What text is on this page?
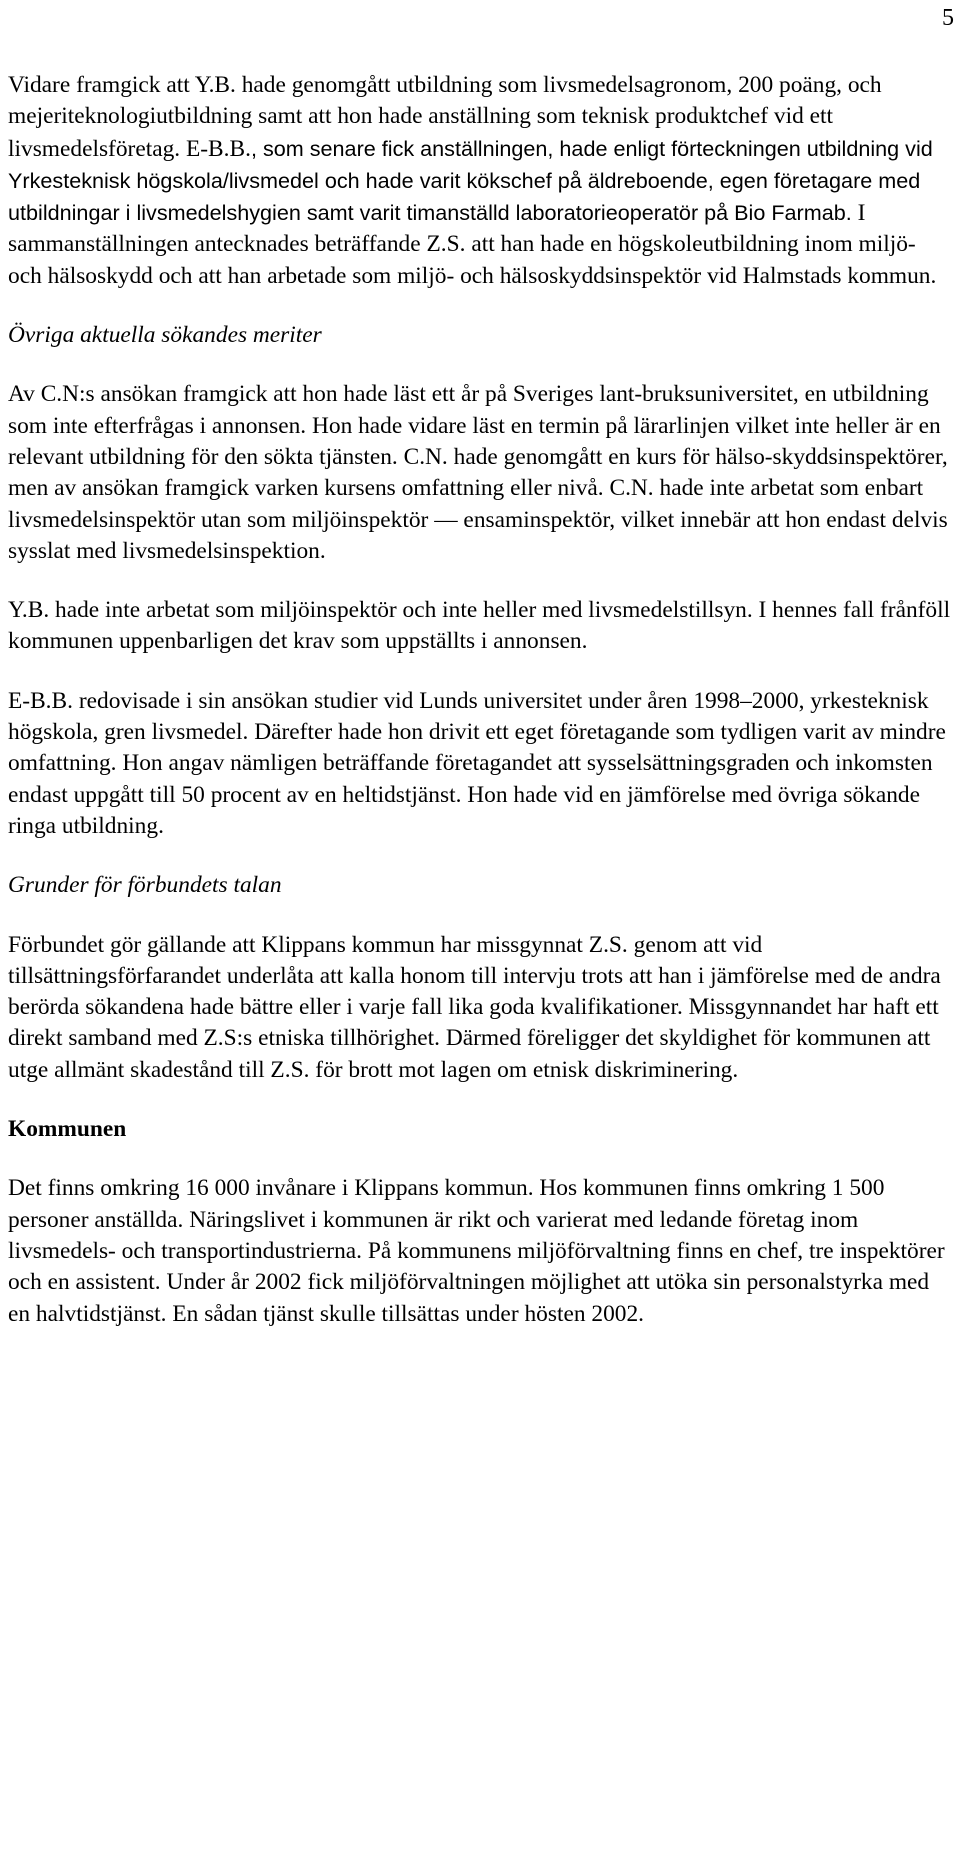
5

Vidare framgick att Y.B. hade genomgått utbildning som livsmedelsagronom, 200 poäng, och mejeriteknologiutbildning samt att hon hade anställning som teknisk produktchef vid ett livsmedelsföretag. E-B.B., som senare fick anställningen, hade enligt förteckningen utbildning vid Yrkesteknisk högskola/livsmedel och hade varit kökschef på äldreboende, egen företagare med utbildningar i livsmedelshygien samt varit timanställd laboratorieoperatör på Bio Farmab. I sammanställningen antecknades beträffande Z.S. att han hade en högskoleutbildning inom miljö- och hälsoskydd och att han arbetade som miljö- och hälsoskyddsinspektör vid Halmstads kommun.

Övriga aktuella sökandes meriter

Av C.N:s ansökan framgick att hon hade läst ett år på Sveriges lant-bruksuniversitet, en utbildning som inte efterfrågas i annonsen. Hon hade vidare läst en termin på lärarlinjen vilket inte heller är en relevant utbildning för den sökta tjänsten. C.N. hade genomgått en kurs för hälso-skyddsinspektörer, men av ansökan framgick varken kursens omfattning eller nivå. C.N. hade inte arbetat som enbart livsmedelsinspektör utan som miljöinspektör — ensaminspektör, vilket innebär att hon endast delvis sysslat med livsmedelsinspektion.

Y.B. hade inte arbetat som miljöinspektör och inte heller med livsmedelstillsyn. I hennes fall frånföll kommunen uppenbarligen det krav som uppställts i annonsen.

E-B.B. redovisade i sin ansökan studier vid Lunds universitet under åren 1998–2000, yrkesteknisk högskola, gren livsmedel. Därefter hade hon drivit ett eget företagande som tydligen varit av mindre omfattning. Hon angav nämligen beträffande företagandet att sysselsättningsgraden och inkomsten endast uppgått till 50 procent av en heltidstjänst. Hon hade vid en jämförelse med övriga sökande ringa utbildning.

Grunder för förbundets talan

Förbundet gör gällande att Klippans kommun har missgynnat Z.S. genom att vid tillsättningsförfarandet underlåta att kalla honom till intervju trots att han i jämförelse med de andra berörda sökandena hade bättre eller i varje fall lika goda kvalifikationer. Missgynnandet har haft ett direkt samband med Z.S:s etniska tillhörighet. Därmed föreligger det skyldighet för kommunen att utge allmänt skadestånd till Z.S. för brott mot lagen om etnisk diskriminering.

Kommunen

Det finns omkring 16 000 invånare i Klippans kommun. Hos kommunen finns omkring 1 500 personer anställda. Näringslivet i kommunen är rikt och varierat med ledande företag inom livsmedels- och transportindustrierna. På kommunens miljöförvaltning finns en chef, tre inspektörer och en assistent. Under år 2002 fick miljöförvaltningen möjlighet att utöka sin personalstyrka med en halvtidstjänst. En sådan tjänst skulle tillsättas under hösten 2002.
